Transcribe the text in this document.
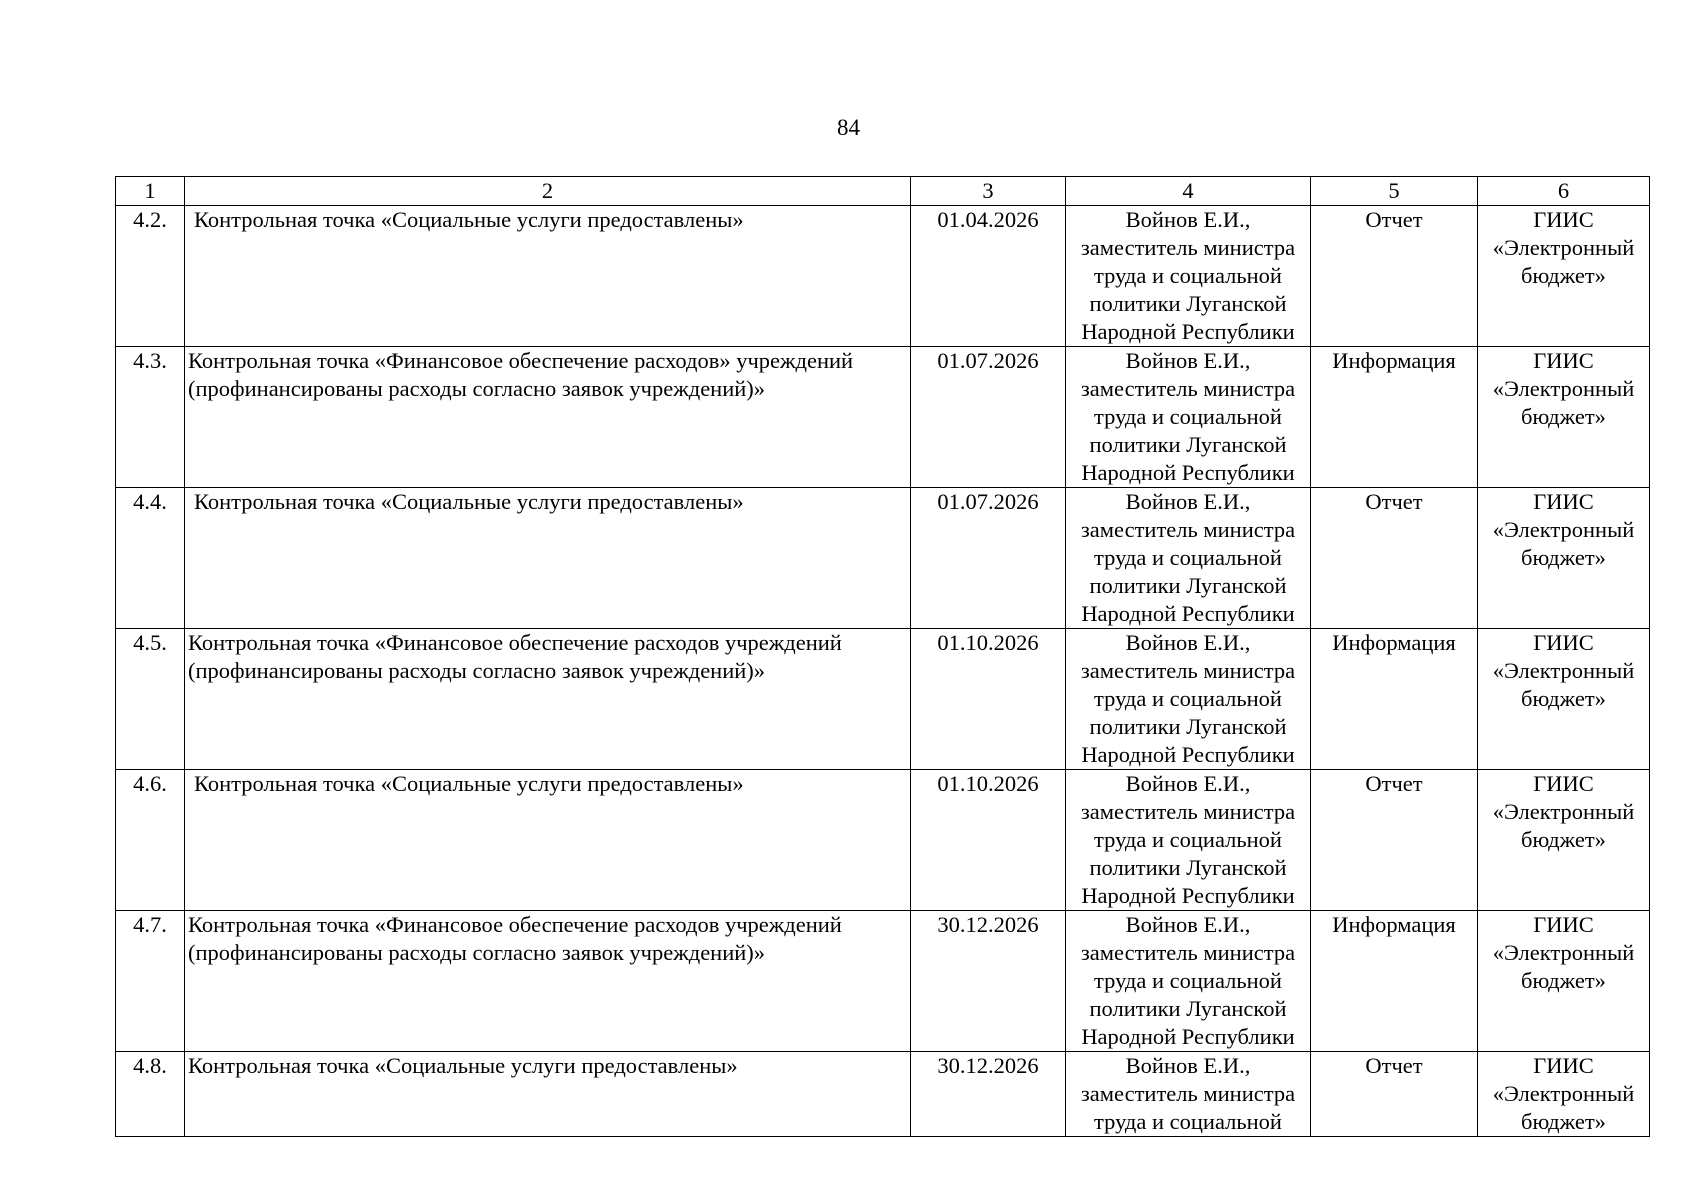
84
1	2	3	4	5	6
4.2.	Контрольная точка «Социальные услуги предоставлены»	01.04.2026	Войнов Е.И.,
заместитель министра
труда и социальной
политики Луганской
Народной Республики	Отчет	ГИИС
«Электронный
бюджет»

4.3.	Контрольная точка «Финансовое обеспечение расходов» учреждений (профинансированы расходы согласно заявок учреждений)»	01.07.2026	Войнов Е.И.,
заместитель министра
труда и социальной
политики Луганской
Народной Республики	Информация	ГИИС
«Электронный
бюджет»

4.4.	Контрольная точка «Социальные услуги предоставлены»	01.07.2026	Войнов Е.И.,
заместитель министра
труда и социальной
политики Луганской
Народной Республики	Отчет	ГИИС
«Электронный
бюджет»

4.5.	Контрольная точка «Финансовое обеспечение расходов учреждений (профинансированы расходы согласно заявок учреждений)»	01.10.2026	Войнов Е.И.,
заместитель министра
труда и социальной
политики Луганской
Народной Республики	Информация	ГИИС
«Электронный
бюджет»

4.6.	Контрольная точка «Социальные услуги предоставлены»	01.10.2026	Войнов Е.И.,
заместитель министра
труда и социальной
политики Луганской
Народной Республики	Отчет	ГИИС
«Электронный
бюджет»

4.7.	Контрольная точка «Финансовое обеспечение расходов учреждений (профинансированы расходы согласно заявок учреждений)»	30.12.2026	Войнов Е.И.,
заместитель министра
труда и социальной
политики Луганской
Народной Республики	Информация	ГИИС
«Электронный
бюджет»

4.8.	Контрольная точка «Социальные услуги предоставлены»	30.12.2026	Войнов Е.И.,
заместитель министра
труда и социальной	Отчет	ГИИС
«Электронный
бюджет»
